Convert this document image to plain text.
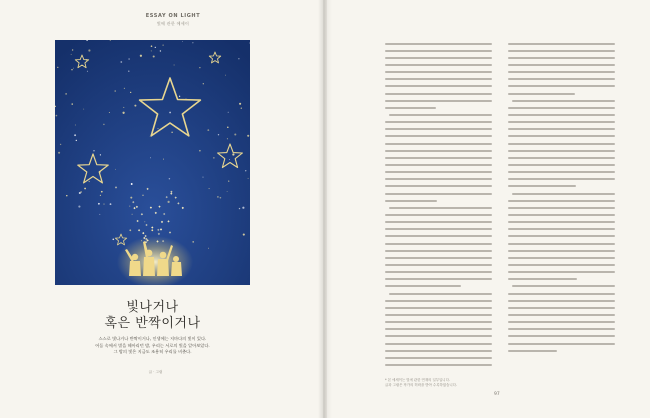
ESSAY ON LIGHT
빛에 관한 에세이
빛나거나
혹은 반짝이거나
스스로 빛나거나 반짝이거나, 인생에는 저마다의 빛이 있다.
어둠 속에서 별을 헤아리던 밤, 우리는 서로의 빛을 알아보았다.
그 밤의 빛은 지금도 조용히 우리를 비춘다.
글 · 그림
* 본 에세이는 빛에 관한 연재의 일부입니다.
글과 그림은 작가의 허락을 받아 수록하였습니다.
97
